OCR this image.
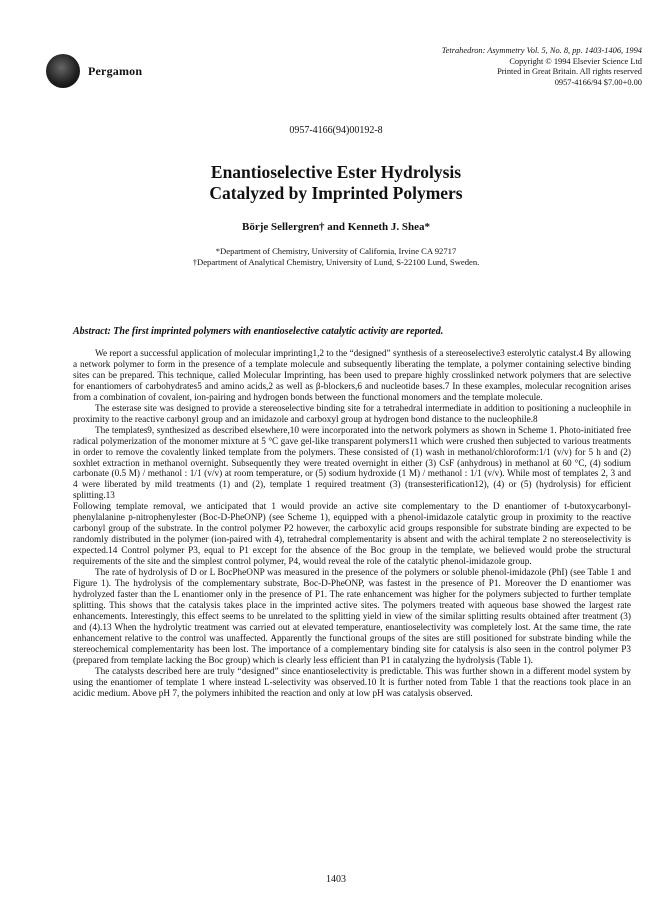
Pergamon
Tetrahedron: Asymmetry Vol. 5, No. 8, pp. 1403-1406, 1994
Copyright © 1994 Elsevier Science Ltd
Printed in Great Britain. All rights reserved
0957-4166/94 $7.00+0.00
0957-4166(94)00192-8
Enantioselective Ester Hydrolysis
Catalyzed by Imprinted Polymers
Börje Sellergren† and Kenneth J. Shea*
*Department of Chemistry, University of California, Irvine CA 92717
†Department of Analytical Chemistry, University of Lund, S-22100 Lund, Sweden.
Abstract: The first imprinted polymers with enantioselective catalytic activity are reported.

We report a successful application of molecular imprinting1,2 to the “designed” synthesis of a stereoselective3 esterolytic catalyst.4 By allowing a network polymer to form in the presence of a template molecule and subsequently liberating the template, a polymer containing selective binding sites can be prepared. This technique, called Molecular Imprinting, has been used to prepare highly crosslinked network polymers that are selective for enantiomers of carbohydrates5 and amino acids,2 as well as β-blockers,6 and nucleotide bases.7 In these examples, molecular recognition arises from a combination of covalent, ion-pairing and hydrogen bonds between the functional monomers and the template molecule.

The esterase site was designed to provide a stereoselective binding site for a tetrahedral intermediate in addition to positioning a nucleophile in proximity to the reactive carbonyl group and an imidazole and carboxyl group at hydrogen bond distance to the nucleophile.8

The templates9, synthesized as described elsewhere,10 were incorporated into the network polymers as shown in Scheme 1. Photo-initiated free radical polymerization of the monomer mixture at 5 °C gave gel-like transparent polymers11 which were crushed then subjected to various treatments in order to remove the covalently linked template from the polymers. These consisted of (1) wash in methanol/chloroform:1/1 (v/v) for 5 h and (2) soxhlet extraction in methanol overnight. Subsequently they were treated overnight in either (3) CsF (anhydrous) in methanol at 60 °C, (4) sodium carbonate (0.5 M) / methanol : 1/1 (v/v) at room temperature, or (5) sodium hydroxide (1 M) / methanol : 1/1 (v/v). While most of templates 2, 3 and 4 were liberated by mild treatments (1) and (2), template 1 required treatment (3) (transesterification12), (4) or (5) (hydrolysis) for efficient splitting.13

Following template removal, we anticipated that 1 would provide an active site complementary to the D enantiomer of t-butoxycarbonyl-phenylalanine p-nitrophenylester (Boc-D-PheONP) (see Scheme 1), equipped with a phenol-imidazole catalytic group in proximity to the reactive carbonyl group of the substrate. In the control polymer P2 however, the carboxylic acid groups responsible for substrate binding are expected to be randomly distributed in the polymer (ion-paired with 4), tetrahedral complementarity is absent and with the achiral template 2 no stereoselectivity is expected.14 Control polymer P3, equal to P1 except for the absence of the Boc group in the template, we believed would probe the structural requirements of the site and the simplest control polymer, P4, would reveal the role of the catalytic phenol-imidazole group.

The rate of hydrolysis of D or L BocPheONP was measured in the presence of the polymers or soluble phenol-imidazole (PhI) (see Table 1 and Figure 1). The hydrolysis of the complementary substrate, Boc-D-PheONP, was fastest in the presence of P1. Moreover the D enantiomer was hydrolyzed faster than the L enantiomer only in the presence of P1. The rate enhancement was higher for the polymers subjected to further template splitting. This shows that the catalysis takes place in the imprinted active sites. The polymers treated with aqueous base showed the largest rate enhancements. Interestingly, this effect seems to be unrelated to the splitting yield in view of the similar splitting results obtained after treatment (3) and (4).13 When the hydrolytic treatment was carried out at elevated temperature, enantioselectivity was completely lost. At the same time, the rate enhancement relative to the control was unaffected. Apparently the functional groups of the sites are still positioned for substrate binding while the stereochemical complementarity has been lost. The importance of a complementary binding site for catalysis is also seen in the control polymer P3 (prepared from template lacking the Boc group) which is clearly less efficient than P1 in catalyzing the hydrolysis (Table 1).

The catalysts described here are truly “designed” since enantioselectivity is predictable. This was further shown in a different model system by using the enantiomer of template 1 where instead L-selectivity was observed.10 It is further noted from Table 1 that the reactions took place in an acidic medium. Above pH 7, the polymers inhibited the reaction and only at low pH was catalysis observed.

1403
